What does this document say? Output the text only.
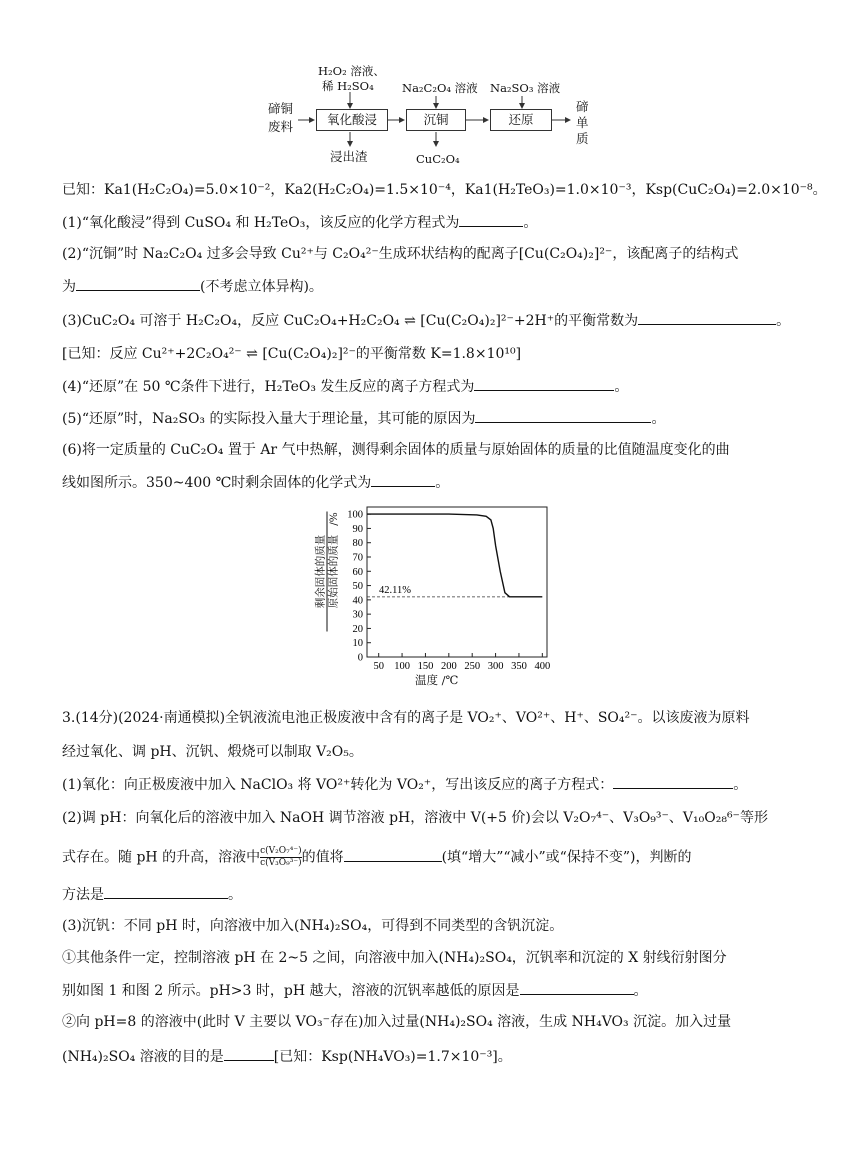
H₂O₂ 溶液、
稀 H₂SO₄ Na₂C₂O₄ 溶液 Na₂SO₃ 溶液
碲铜
废料	氧化酸浸	沉铜	还原
浸出渣	CuC₂O₄
碲
单
质
已知：Ka1(H₂C₂O₄)=5.0×10⁻²，Ka2(H₂C₂O₄)=1.5×10⁻⁴，Ka1(H₂TeO₃)=1.0×10⁻³，Ksp(CuC₂O₄)=2.0×10⁻⁸。
(1)“氧化酸浸”得到 CuSO₄ 和 H₂TeO₃，该反应的化学方程式为	。
(2)“沉铜”时 Na₂C₂O₄ 过多会导致 Cu²⁺与 C₂O₄²⁻生成环状结构的配离子[Cu(C₂O₄)₂]²⁻，该配离子的结构式
为	(不考虑立体异构)。
(3)CuC₂O₄ 可溶于 H₂C₂O₄，反应 CuC₂O₄+H₂C₂O₄ ⇌ [Cu(C₂O₄)₂]²⁻+2H⁺的平衡常数为	。
[已知：反应 Cu²⁺+2C₂O₄²⁻ ⇌ [Cu(C₂O₄)₂]²⁻的平衡常数 K=1.8×10¹⁰]
(4)“还原”在 50 ℃条件下进行，H₂TeO₃ 发生反应的离子方程式为	。
(5)“还原”时，Na₂SO₃ 的实际投入量大于理论量，其可能的原因为	。
(6)将一定质量的 CuC₂O₄ 置于 Ar 气中热解，测得剩余固体的质量与原始固体的质量的比值随温度变化的曲
线如图所示。350~400 ℃时剩余固体的化学式为	。
剩余固体的质量 原始固体的质量
/%
0
10
20
30
40
50
60
70
80
90
100
50 100 150 200 250 300 350 400
42.11%
温度 /℃
3.(14分)(2024·南通模拟)全钒液流电池正极废液中含有的离子是 VO₂⁺、VO²⁺、H⁺、SO₄²⁻。以该废液为原料
经过氧化、调 pH、沉钒、煅烧可以制取 V₂O₅。
(1)氧化：向正极废液中加入 NaClO₃ 将 VO²⁺转化为 VO₂⁺，写出该反应的离子方程式：	。
(2)调 pH：向氧化后的溶液中加入 NaOH 调节溶液 pH，溶液中 V(+5 价)会以 V₂O₇⁴⁻、V₃O₉³⁻、V₁₀O₂₈⁶⁻等形
式存在。随 pH 的升高，溶液中 $\frac{\text{c(V₂O₇⁴⁻)}}{\text{c(V₃O₉³⁻)}}$ 的值将	(填“增大”“减小”或“保持不变”)，判断的
方法是	。
(3)沉钒：不同 pH 时，向溶液中加入(NH₄)₂SO₄，可得到不同类型的含钒沉淀。
①其他条件一定，控制溶液 pH 在 2~5 之间，向溶液中加入(NH₄)₂SO₄，沉钒率和沉淀的 X 射线衍射图分
别如图 1 和图 2 所示。pH>3 时，pH 越大，溶液的沉钒率越低的原因是	。
②向 pH=8 的溶液中(此时 V 主要以 VO₃⁻存在)加入过量(NH₄)₂SO₄ 溶液，生成 NH₄VO₃ 沉淀。加入过量
(NH₄)₂SO₄ 溶液的目的是	[已知：Ksp(NH₄VO₃)=1.7×10⁻³]。
